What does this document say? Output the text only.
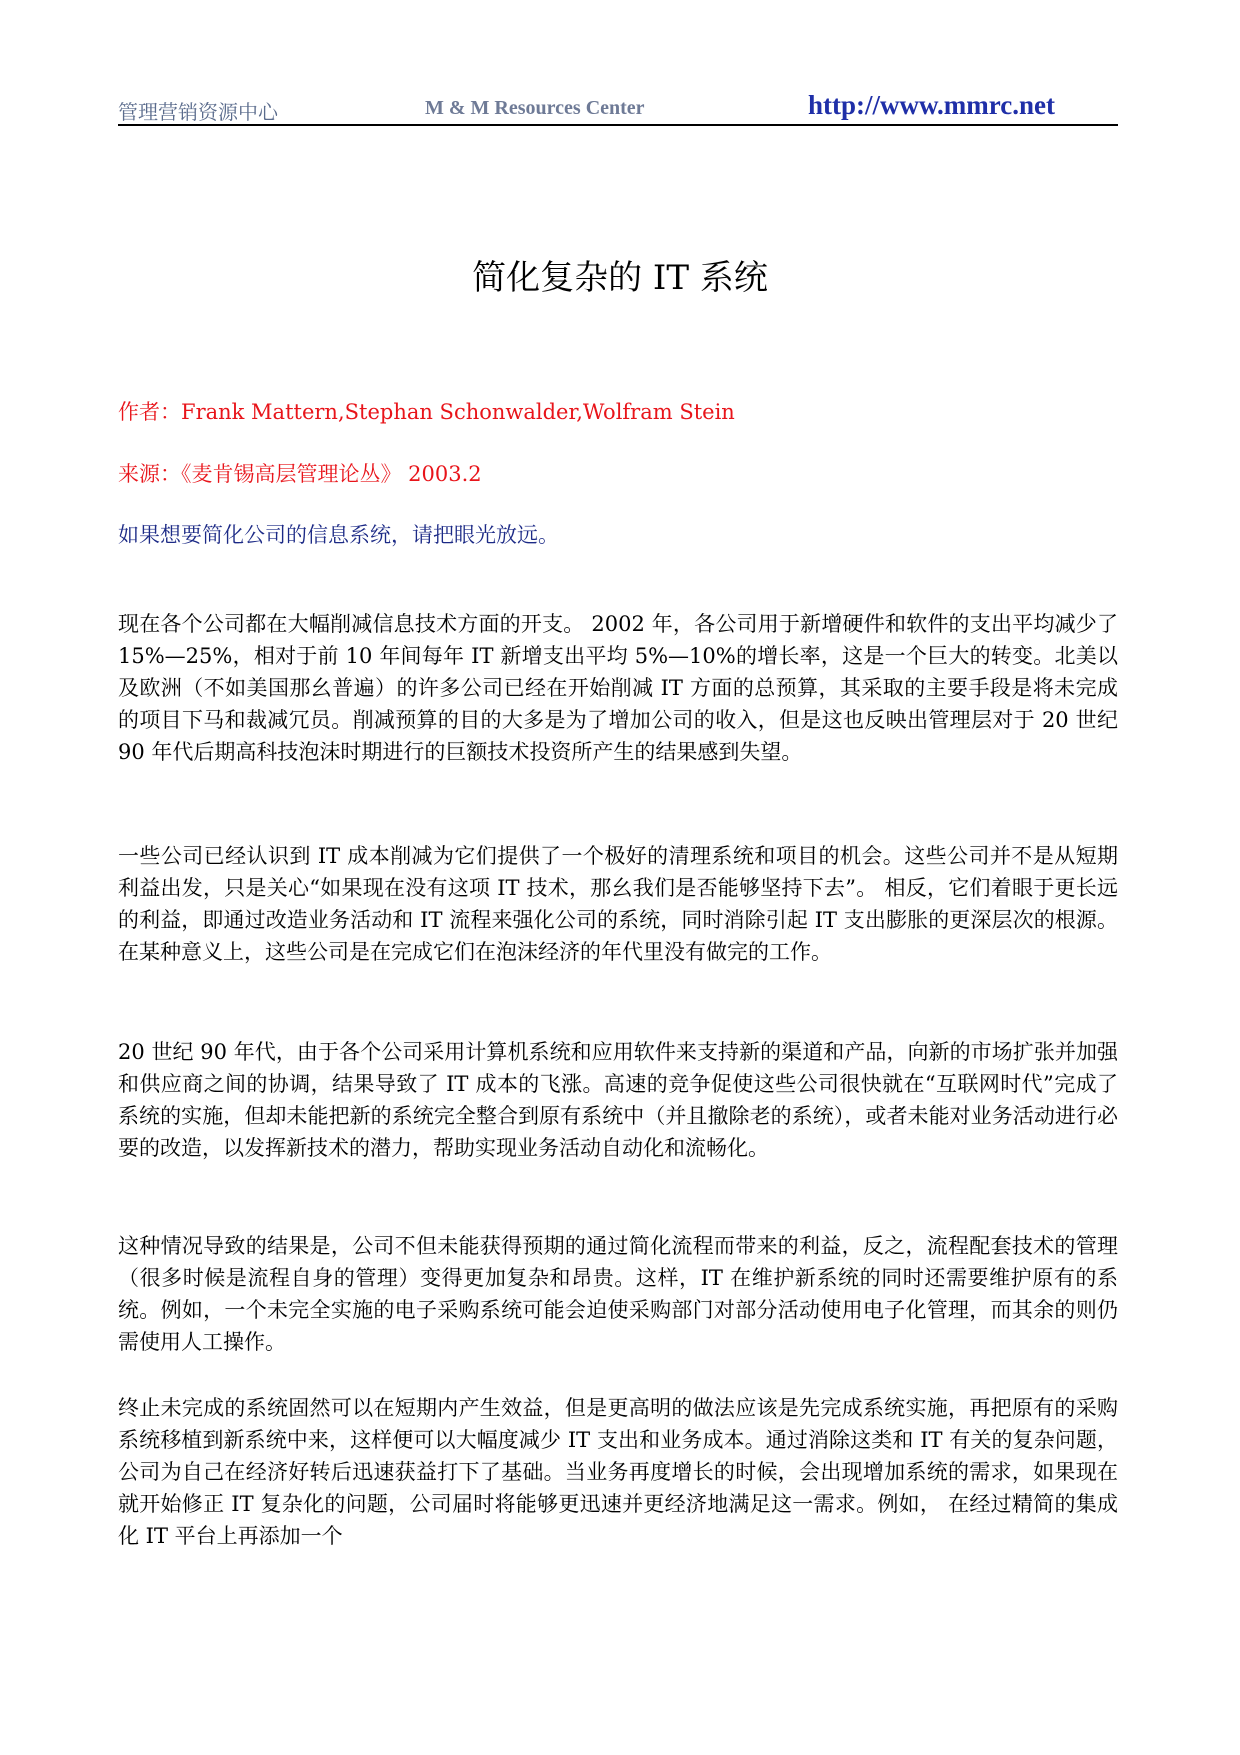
管理营销资源中心	M & M Resources Center	http://www.mmrc.net
简化复杂的 IT 系统
作者：Frank Mattern,Stephan Schonwalder,Wolfram Stein
来源：《麦肯锡高层管理论丛》 2003.2
如果想要简化公司的信息系统，请把眼光放远。
现在各个公司都在大幅削减信息技术方面的开支。 2002 年，各公司用于新增硬件和软件的支出平均减少了 15%—25%，相对于前 10 年间每年 IT 新增支出平均 5%—10%的增长率，这是一个巨大的转变。北美以及欧洲（不如美国那幺普遍）的许多公司已经在开始削减 IT 方面的总预算，其采取的主要手段是将未完成的项目下马和裁减冗员。削减预算的目的大多是为了增加公司的收入，但是这也反映出管理层对于 20 世纪 90 年代后期高科技泡沫时期进行的巨额技术投资所产生的结果感到失望。
一些公司已经认识到 IT 成本削减为它们提供了一个极好的清理系统和项目的机会。这些公司并不是从短期利益出发，只是关心“如果现在没有这项 IT 技术，那幺我们是否能够坚持下去”。 相反，它们着眼于更长远的利益，即通过改造业务活动和 IT 流程来强化公司的系统，同时消除引起 IT 支出膨胀的更深层次的根源。在某种意义上，这些公司是在完成它们在泡沫经济的年代里没有做完的工作。
20 世纪 90 年代，由于各个公司采用计算机系统和应用软件来支持新的渠道和产品，向新的市场扩张并加强和供应商之间的协调，结果导致了 IT 成本的飞涨。高速的竞争促使这些公司很快就在“互联网时代”完成了系统的实施，但却未能把新的系统完全整合到原有系统中（并且撤除老的系统），或者未能对业务活动进行必要的改造，以发挥新技术的潜力，帮助实现业务活动自动化和流畅化。
这种情况导致的结果是，公司不但未能获得预期的通过简化流程而带来的利益，反之，流程配套技术的管理（很多时候是流程自身的管理）变得更加复杂和昂贵。这样，IT 在维护新系统的同时还需要维护原有的系统。例如，一个未完全实施的电子采购系统可能会迫使采购部门对部分活动使用电子化管理，而其余的则仍需使用人工操作。
终止未完成的系统固然可以在短期内产生效益，但是更高明的做法应该是先完成系统实施，再把原有的采购系统移植到新系统中来，这样便可以大幅度减少 IT 支出和业务成本。通过消除这类和 IT 有关的复杂问题，公司为自己在经济好转后迅速获益打下了基础。当业务再度增长的时候，会出现增加系统的需求，如果现在就开始修正 IT 复杂化的问题，公司届时将能够更迅速并更经济地满足这一需求。例如， 在经过精简的集成化 IT 平台上再添加一个
